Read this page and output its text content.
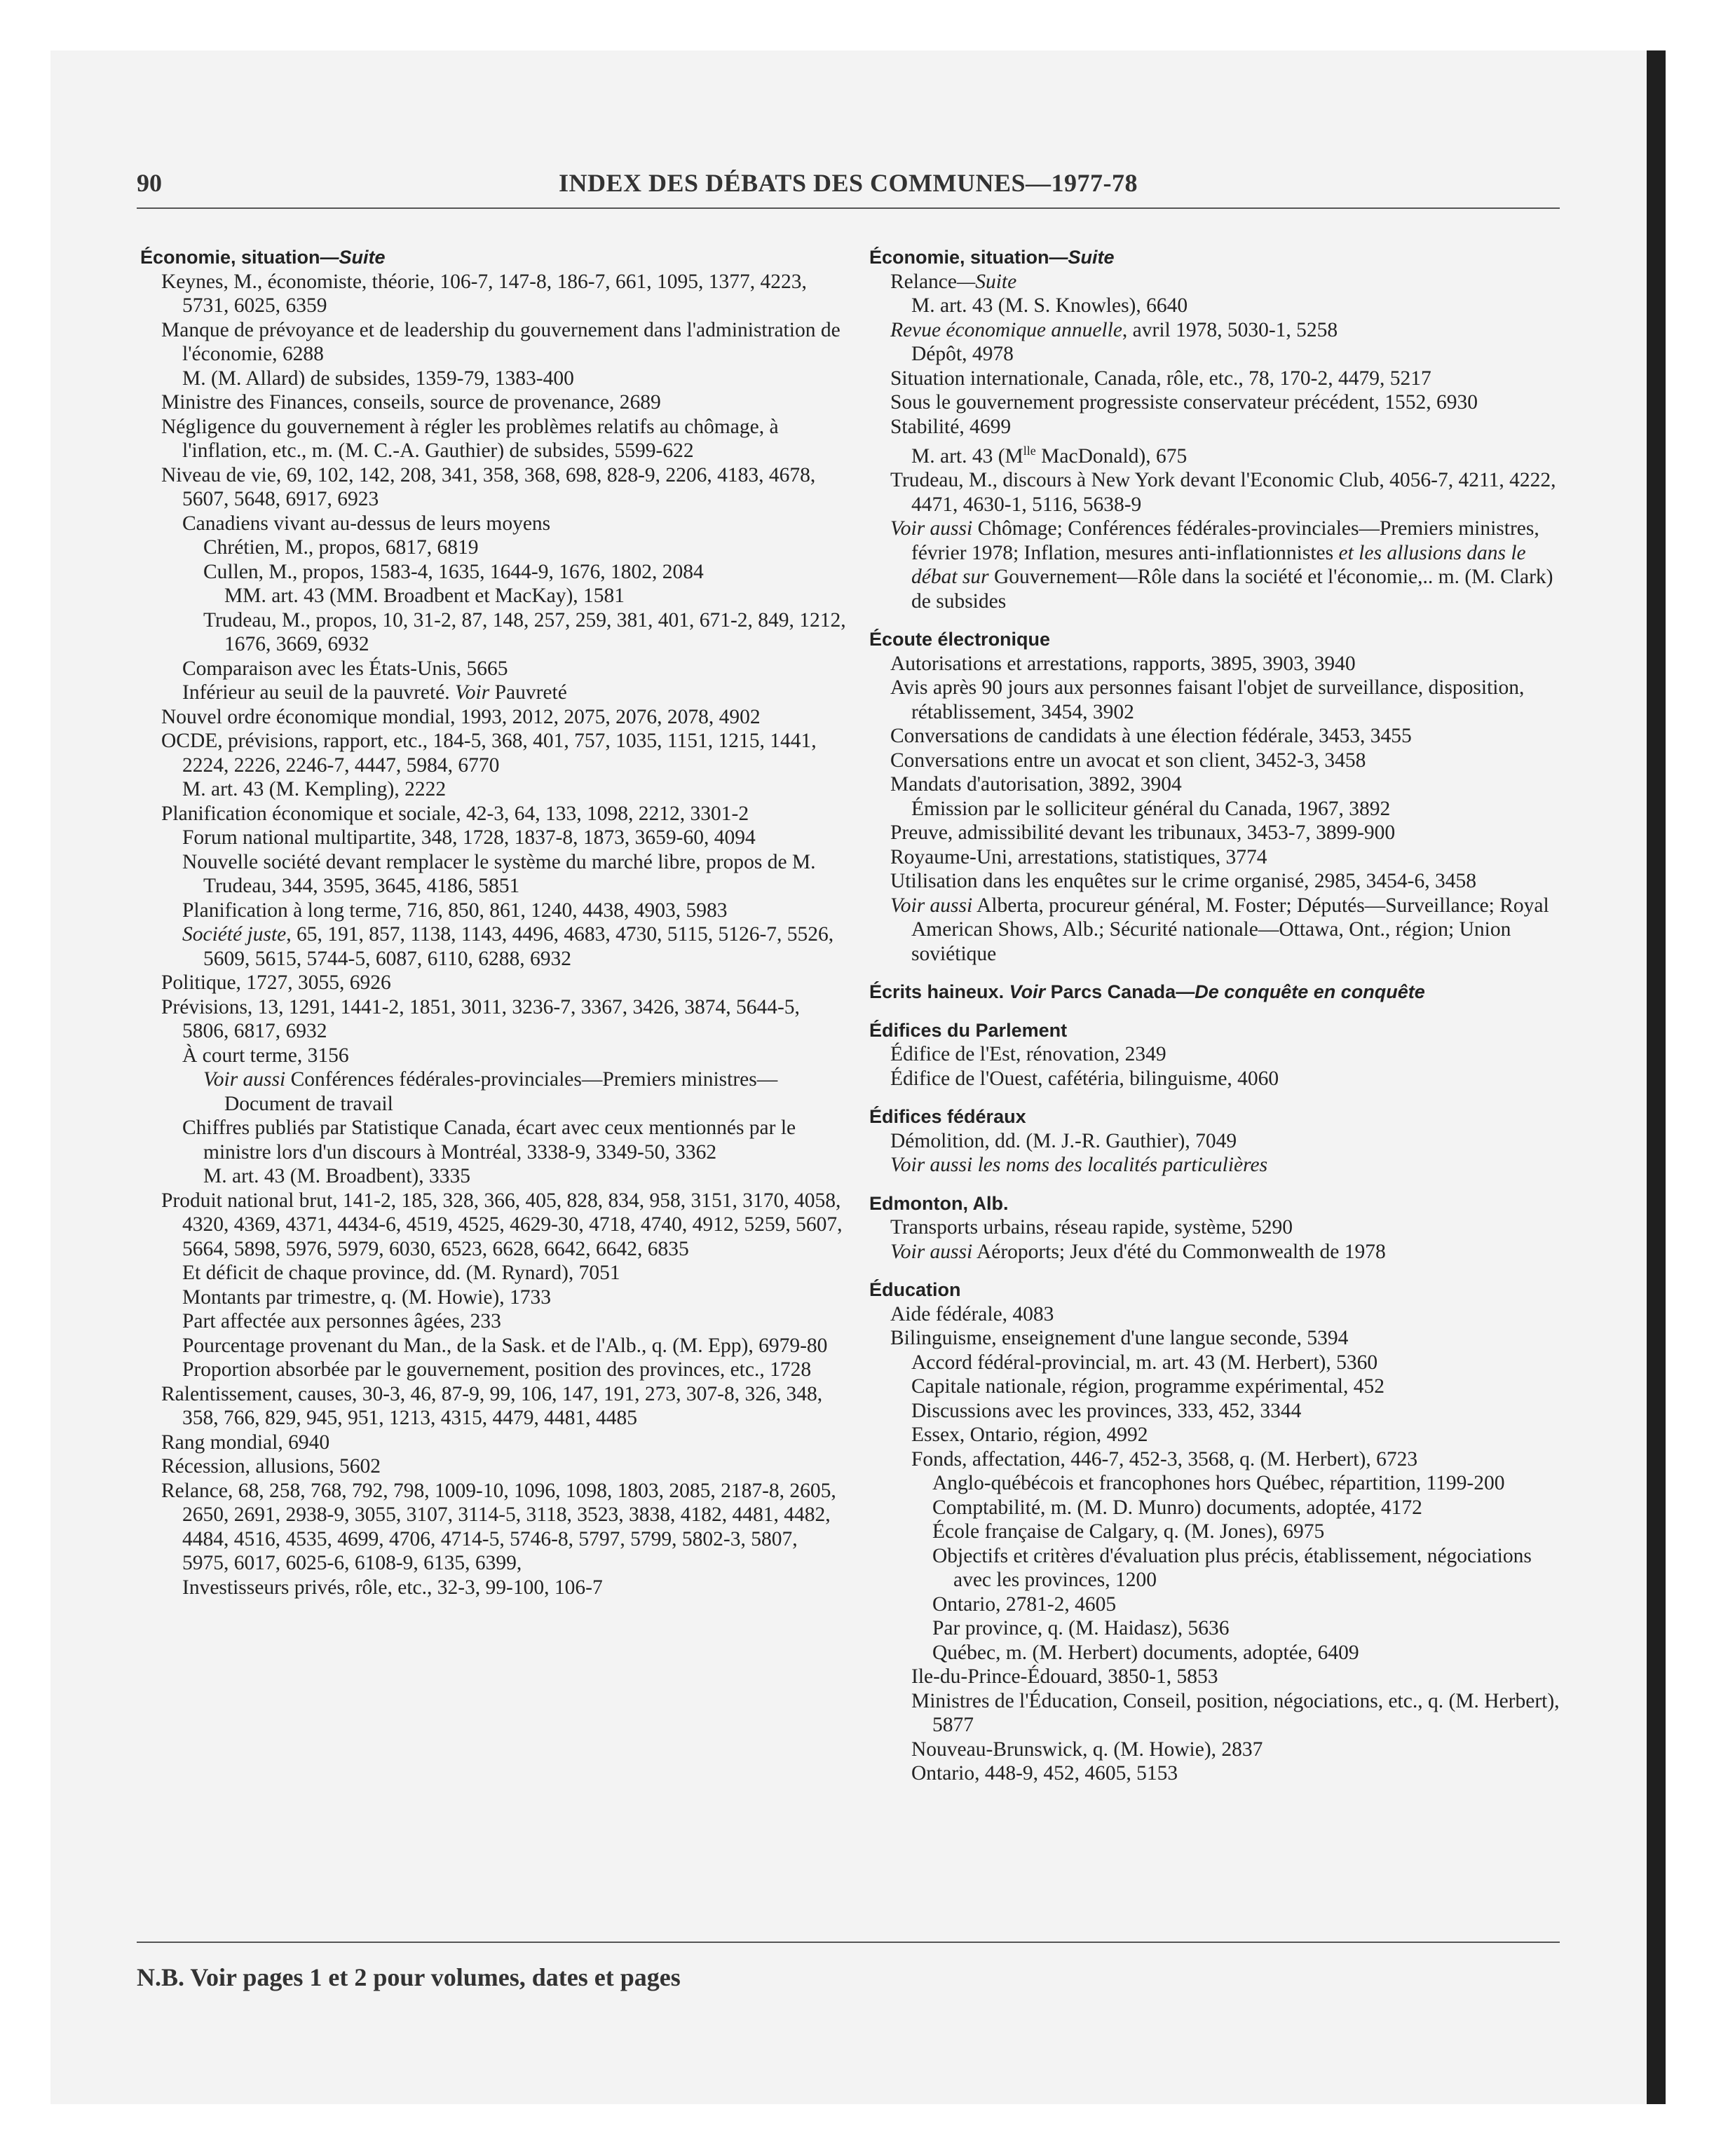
INDEX DES DÉBATS DES COMMUNES—1977-78
90

Économie, situation—Suite

Keynes, M., économiste, théorie, 106-7, 147-8, 186-7, 661, 1095, 1377, 4223, 5731, 6025, 6359

Manque de prévoyance et de leadership du gouvernement dans l'administration de l'économie, 6288

M. (M. Allard) de subsides, 1359-79, 1383-400

Ministre des Finances, conseils, source de provenance, 2689

Négligence du gouvernement à régler les problèmes relatifs au chômage, à l'inflation, etc., m. (M. C.-A. Gauthier) de subsides, 5599-622

Niveau de vie, 69, 102, 142, 208, 341, 358, 368, 698, 828-9, 2206, 4183, 4678, 5607, 5648, 6917, 6923

Canadiens vivant au-dessus de leurs moyens

Chrétien, M., propos, 6817, 6819

Cullen, M., propos, 1583-4, 1635, 1644-9, 1676, 1802, 2084

MM. art. 43 (MM. Broadbent et MacKay), 1581

Trudeau, M., propos, 10, 31-2, 87, 148, 257, 259, 381, 401, 671-2, 849, 1212, 1676, 3669, 6932

Comparaison avec les États-Unis, 5665

Inférieur au seuil de la pauvreté. Voir Pauvreté

Nouvel ordre économique mondial, 1993, 2012, 2075, 2076, 2078, 4902

OCDE, prévisions, rapport, etc., 184-5, 368, 401, 757, 1035, 1151, 1215, 1441, 2224, 2226, 2246-7, 4447, 5984, 6770

M. art. 43 (M. Kempling), 2222

Planification économique et sociale, 42-3, 64, 133, 1098, 2212, 3301-2

Forum national multipartite, 348, 1728, 1837-8, 1873, 3659-60, 4094

Nouvelle société devant remplacer le système du marché libre, propos de M. Trudeau, 344, 3595, 3645, 4186, 5851

Planification à long terme, 716, 850, 861, 1240, 4438, 4903, 5983

Société juste, 65, 191, 857, 1138, 1143, 4496, 4683, 4730, 5115, 5126-7, 5526, 5609, 5615, 5744-5, 6087, 6110, 6288, 6932

Politique, 1727, 3055, 6926

Prévisions, 13, 1291, 1441-2, 1851, 3011, 3236-7, 3367, 3426, 3874, 5644-5, 5806, 6817, 6932

À court terme, 3156

Voir aussi Conférences fédérales-provinciales—Premiers ministres—Document de travail

Chiffres publiés par Statistique Canada, écart avec ceux mentionnés par le ministre lors d'un discours à Montréal, 3338-9, 3349-50, 3362

M. art. 43 (M. Broadbent), 3335

Produit national brut, 141-2, 185, 328, 366, 405, 828, 834, 958, 3151, 3170, 4058, 4320, 4369, 4371, 4434-6, 4519, 4525, 4629-30, 4718, 4740, 4912, 5259, 5607, 5664, 5898, 5976, 5979, 6030, 6523, 6628, 6642, 6642, 6835

Et déficit de chaque province, dd. (M. Rynard), 7051

Montants par trimestre, q. (M. Howie), 1733

Part affectée aux personnes âgées, 233

Pourcentage provenant du Man., de la Sask. et de l'Alb., q. (M. Epp), 6979-80

Proportion absorbée par le gouvernement, position des provinces, etc., 1728

Ralentissement, causes, 30-3, 46, 87-9, 99, 106, 147, 191, 273, 307-8, 326, 348, 358, 766, 829, 945, 951, 1213, 4315, 4479, 4481, 4485

Rang mondial, 6940

Récession, allusions, 5602

Relance, 68, 258, 768, 792, 798, 1009-10, 1096, 1098, 1803, 2085, 2187-8, 2605, 2650, 2691, 2938-9, 3055, 3107, 3114-5, 3118, 3523, 3838, 4182, 4481, 4482, 4484, 4516, 4535, 4699, 4706, 4714-5, 5746-8, 5797, 5799, 5802-3, 5807, 5975, 6017, 6025-6, 6108-9, 6135, 6399,

Investisseurs privés, rôle, etc., 32-3, 99-100, 106-7

Économie, situation—Suite

Relance—Suite

M. art. 43 (M. S. Knowles), 6640

Revue économique annuelle, avril 1978, 5030-1, 5258

Dépôt, 4978

Situation internationale, Canada, rôle, etc., 78, 170-2, 4479, 5217

Sous le gouvernement progressiste conservateur précédent, 1552, 6930

Stabilité, 4699

M. art. 43 ($M^{lle}$ MacDonald), 675

Trudeau, M., discours à New York devant l'Economic Club, 4056-7, 4211, 4222, 4471, 4630-1, 5116, 5638-9

Voir aussi Chômage; Conférences fédérales-provinciales—Premiers ministres, février 1978; Inflation, mesures anti-inflationnistes et les allusions dans le débat sur Gouvernement—Rôle dans la société et l'économie,.. m. (M. Clark) de subsides

Écoute électronique

Autorisations et arrestations, rapports, 3895, 3903, 3940

Avis après 90 jours aux personnes faisant l'objet de surveillance, disposition, rétablissement, 3454, 3902

Conversations de candidats à une élection fédérale, 3453, 3455

Conversations entre un avocat et son client, 3452-3, 3458

Mandats d'autorisation, 3892, 3904

Émission par le solliciteur général du Canada, 1967, 3892

Preuve, admissibilité devant les tribunaux, 3453-7, 3899-900

Royaume-Uni, arrestations, statistiques, 3774

Utilisation dans les enquêtes sur le crime organisé, 2985, 3454-6, 3458

Voir aussi Alberta, procureur général, M. Foster; Députés—Surveillance; Royal American Shows, Alb.; Sécurité nationale—Ottawa, Ont., région; Union soviétique

Écrits haineux. Voir Parcs Canada—De conquête en conquête

Édifices du Parlement

Édifice de l'Est, rénovation, 2349

Édifice de l'Ouest, cafétéria, bilinguisme, 4060

Édifices fédéraux

Démolition, dd. (M. J.-R. Gauthier), 7049

Voir aussi les noms des localités particulières

Edmonton, Alb.

Transports urbains, réseau rapide, système, 5290

Voir aussi Aéroports; Jeux d'été du Commonwealth de 1978

Éducation

Aide fédérale, 4083

Bilinguisme, enseignement d'une langue seconde, 5394

Accord fédéral-provincial, m. art. 43 (M. Herbert), 5360

Capitale nationale, région, programme expérimental, 452

Discussions avec les provinces, 333, 452, 3344

Essex, Ontario, région, 4992

Fonds, affectation, 446-7, 452-3, 3568, q. (M. Herbert), 6723

Anglo-québécois et francophones hors Québec, répartition, 1199-200

Comptabilité, m. (M. D. Munro) documents, adoptée, 4172

École française de Calgary, q. (M. Jones), 6975

Objectifs et critères d'évaluation plus précis, établissement, négociations avec les provinces, 1200

Ontario, 2781-2, 4605

Par province, q. (M. Haidasz), 5636

Québec, m. (M. Herbert) documents, adoptée, 6409

Ile-du-Prince-Édouard, 3850-1, 5853

Ministres de l'Éducation, Conseil, position, négociations, etc., q. (M. Herbert), 5877

Nouveau-Brunswick, q. (M. Howie), 2837

Ontario, 448-9, 452, 4605, 5153

N.B. Voir pages 1 et 2 pour volumes, dates et pages
